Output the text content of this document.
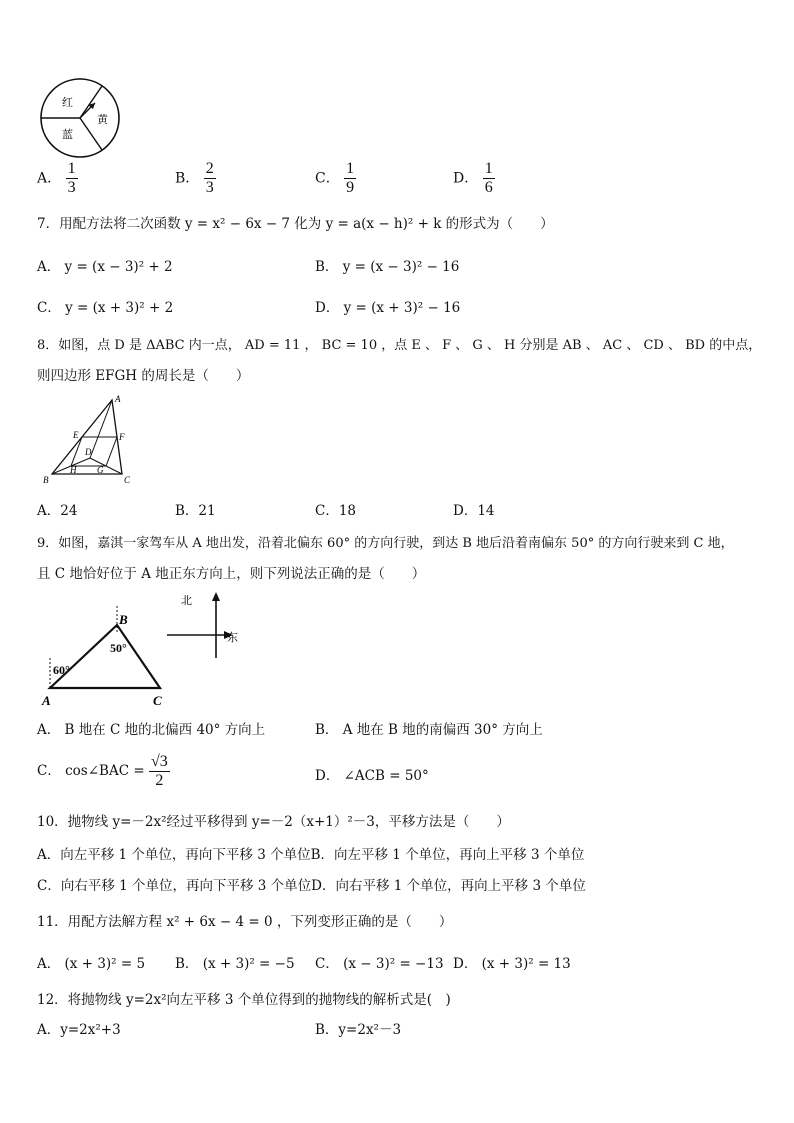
红
黄
蓝
A． $\frac{1}{3}$	B． $\frac{2}{3}$	C． $\frac{1}{9}$	D． $\frac{1}{6}$
7．用配方法将二次函数 y = x² − 6x − 7 化为 y = a(x − h)² + k 的形式为（　　）
A． y = (x − 3)² + 2	B． y = (x − 3)² − 16
C． y = (x + 3)² + 2	D． y = (x + 3)² − 16
8．如图，点 D 是 ΔABC 内一点， AD = 11 ， BC = 10 ，点 E 、 F 、 G 、 H 分别是 AB 、 AC 、 CD 、 BD 的中点，
则四边形 EFGH 的周长是（　　）
A
B	C
D
E	F
G
H
A．24	B．21	C．18	D．14
9．如图，嘉淇一家驾车从 A 地出发，沿着北偏东 60° 的方向行驶，到达 B 地后沿着南偏东 50° 的方向行驶来到 C 地，
且 C 地恰好位于 A 地正东方向上，则下列说法正确的是（　　）
60°
50°
A
B
C
北
东
A． B 地在 C 地的北偏西 40° 方向上	B． A 地在 B 地的南偏西 30° 方向上
C． cos∠BAC = $\frac{√3}{2}$	D． ∠ACB = 50°
10．抛物线 y=－2x²经过平移得到 y=－2（x+1）²－3，平移方法是（　　）
A．向左平移 1 个单位，再向下平移 3 个单位B．向左平移 1 个单位，再向上平移 3 个单位
C．向右平移 1 个单位，再向下平移 3 个单位D．向右平移 1 个单位，再向上平移 3 个单位
11．用配方法解方程 x² + 6x − 4 = 0 ，下列变形正确的是（　　）
A． (x + 3)² = 5 B． (x + 3)² = −5 C． (x − 3)² = −13 D． (x + 3)² = 13
12．将抛物线 y=2x²向左平移 3 个单位得到的抛物线的解析式是(　)
A．y=2x²+3	B．y=2x²－3
